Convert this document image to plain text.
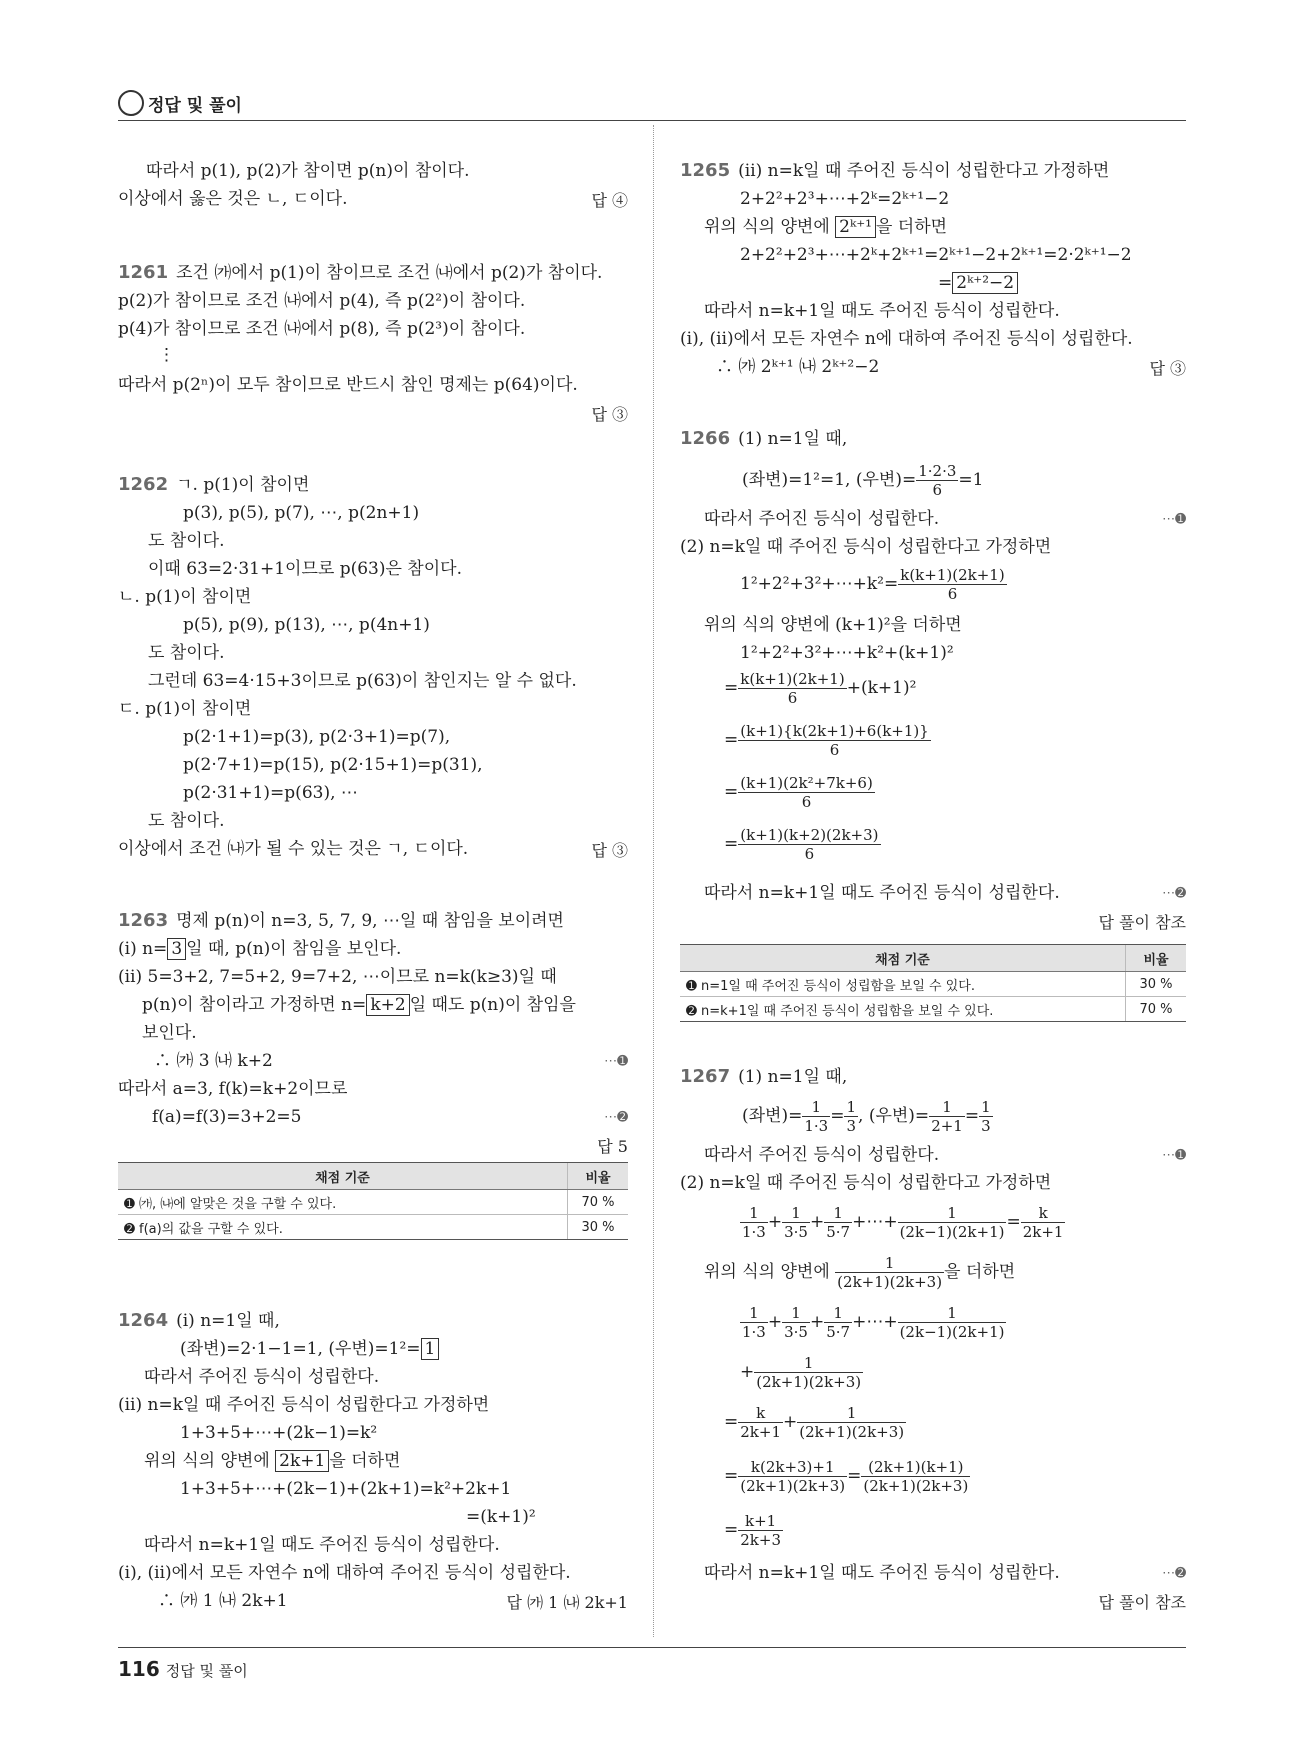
정답 및 풀이
따라서 p(1), p(2)가 참이면 p(n)이 참이다.
이상에서 옳은 것은 ㄴ, ㄷ이다.	답 ④
1261 조건 ㈎에서 p(1)이 참이므로 조건 ㈏에서 p(2)가 참이다.
p(2)가 참이므로 조건 ㈏에서 p(4), 즉 p(2²)이 참이다.
p(4)가 참이므로 조건 ㈏에서 p(8), 즉 p(2³)이 참이다.
⋮
따라서 p(2ⁿ)이 모두 참이므로 반드시 참인 명제는 p(64)이다.
답 ③
1262 ㄱ. p(1)이 참이면
p(3), p(5), p(7), ⋯, p(2n+1)
도 참이다.
이때 63=2·31+1이므로 p(63)은 참이다.
ㄴ. p(1)이 참이면
p(5), p(9), p(13), ⋯, p(4n+1)
도 참이다.
그런데 63=4·15+3이므로 p(63)이 참인지는 알 수 없다.
ㄷ. p(1)이 참이면
p(2·1+1)=p(3), p(2·3+1)=p(7),
p(2·7+1)=p(15), p(2·15+1)=p(31),
p(2·31+1)=p(63), ⋯
도 참이다.
이상에서 조건 ㈏가 될 수 있는 것은 ㄱ, ㄷ이다.	답 ③
1263 명제 p(n)이 n=3, 5, 7, 9, ⋯일 때 참임을 보이려면
(ⅰ) n= 3 일 때, p(n)이 참임을 보인다.
(ⅱ) 5=3+2, 7=5+2, 9=7+2, ⋯이므로 n=k(k≥3)일 때
p(n)이 참이라고 가정하면 n= k+2 일 때도 p(n)이 참임을
보인다.
∴ ㈎ 3 ㈏ k+2	⋯➊
따라서 a=3, f(k)=k+2이므로
f(a)=f(3)=3+2=5	⋯➋
답 5
채점 기준	비율
➊ ㈎, ㈏에 알맞은 것을 구할 수 있다.	70 %
➋ f(a)의 값을 구할 수 있다.	30 %
1264 (ⅰ) n=1일 때,
(좌변)=2·1−1=1, (우변)=1²= 1
따라서 주어진 등식이 성립한다.
(ⅱ) n=k일 때 주어진 등식이 성립한다고 가정하면
1+3+5+⋯+(2k−1)=k²
위의 식의 양변에 2k+1 을 더하면
1+3+5+⋯+(2k−1)+(2k+1)=k²+2k+1
=(k+1)²
따라서 n=k+1일 때도 주어진 등식이 성립한다.
(ⅰ), (ⅱ)에서 모든 자연수 n에 대하여 주어진 등식이 성립한다.
∴ ㈎ 1 ㈏ 2k+1	답 ㈎ 1 ㈏ 2k+1
1265 (ⅱ) n=k일 때 주어진 등식이 성립한다고 가정하면
2+2²+2³+⋯+2ᵏ=2ᵏ⁺¹−2
위의 식의 양변에 2ᵏ⁺¹ 을 더하면
2+2²+2³+⋯+2ᵏ+2ᵏ⁺¹=2ᵏ⁺¹−2+2ᵏ⁺¹=2·2ᵏ⁺¹−2
= 2ᵏ⁺²−2
따라서 n=k+1일 때도 주어진 등식이 성립한다.
(ⅰ), (ⅱ)에서 모든 자연수 n에 대하여 주어진 등식이 성립한다.
∴ ㈎ 2ᵏ⁺¹ ㈏ 2ᵏ⁺²−2	답 ③
1266 (1) n=1일 때,
(좌변)=1²=1, (우변)= $\frac{1\cdot 2\cdot 3}{6} =1$
따라서 주어진 등식이 성립한다.	⋯➊
(2) n=k일 때 주어진 등식이 성립한다고 가정하면
1²+2²+3²+⋯+k²= $\frac{k(k+1)(2k+1)}{6}$
위의 식의 양변에 (k+1)²을 더하면
1²+2²+3²+⋯+k²+(k+1)²
= $\frac{k(k+1)(2k+1)}{6} +(k+1)^2$
= $\frac{(k+1)\{k(2k+1)+6(k+1)\}}{6}$
= $\frac{\text{(k+1)(2k²+7k+6)}}{6}$
= $\frac{(k+1)(k+2)(2k+3)}{6}$
따라서 n=k+1일 때도 주어진 등식이 성립한다.	⋯➋
답 풀이 참조
채점 기준	비율
➊ n=1일 때 주어진 등식이 성립함을 보일 수 있다.	30 %
➋ n=k+1일 때 주어진 등식이 성립함을 보일 수 있다.	70 %
1267 (1) n=1일 때,
(좌변)= $\frac{1}{1\cdot 3} = \frac{1}{3}$ , (우변)= $\frac{1}{2+1} = \frac{1}{3}$
따라서 주어진 등식이 성립한다.	⋯➊
(2) n=k일 때 주어진 등식이 성립한다고 가정하면
$\frac{1}{1\cdot 3} + \frac{1}{3\cdot 5} + \frac{1}{5\cdot 7}$ +⋯+ $\frac{1}{(2k-1)(2k+1)} = \frac{k}{2k+1}$
위의 식의 양변에 $\frac{1}{(2k+1)(2k+3)}$ 을 더하면
$\frac{1}{1\cdot 3} + \frac{1}{3\cdot 5} + \frac{1}{5\cdot 7}$ +⋯+ $\frac{1}{(2k-1)(2k+1)}$
+ $\frac{1}{(2k+1)(2k+3)}$
= $\frac{k}{2k+1} + \frac{1}{(2k+1)(2k+3)}$
= $\frac{k(2k+3)+1}{(2k+1)(2k+3)} = \frac{(2k+1)(k+1)}{(2k+1)(2k+3)}$
= $\frac{k+1}{2k+3}$
따라서 n=k+1일 때도 주어진 등식이 성립한다.	⋯➋
답 풀이 참조
116 정답 및 풀이
